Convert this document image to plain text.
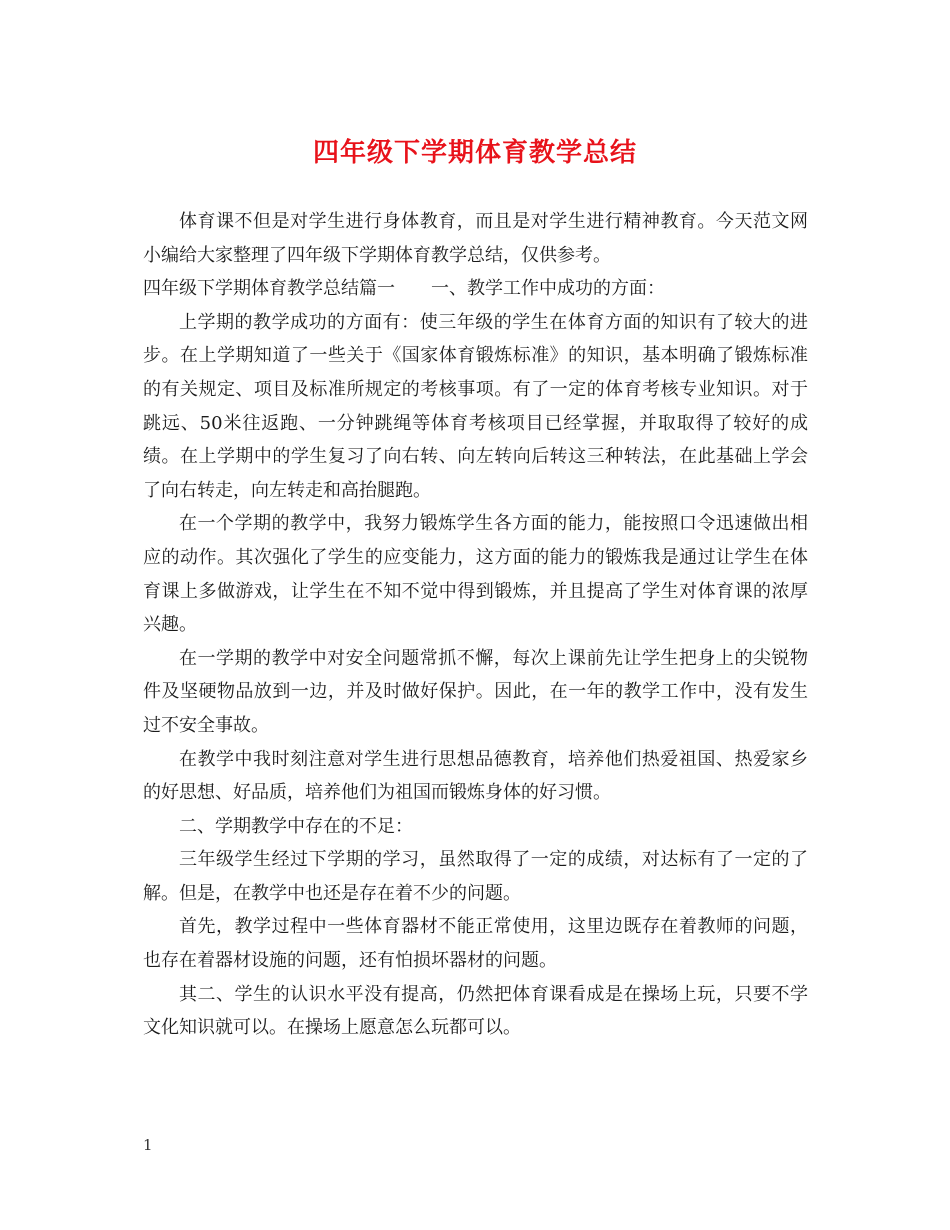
四年级下学期体育教学总结

体育课不但是对学生进行身体教育，而且是对学生进行精神教育。今天范文网小编给大家整理了四年级下学期体育教学总结，仅供参考。

四年级下学期体育教学总结篇一　　一、教学工作中成功的方面：

上学期的教学成功的方面有：使三年级的学生在体育方面的知识有了较大的进步。在上学期知道了一些关于《国家体育锻炼标准》的知识，基本明确了锻炼标准的有关规定、项目及标准所规定的考核事项。有了一定的体育考核专业知识。对于跳远、50米往返跑、一分钟跳绳等体育考核项目已经掌握，并取取得了较好的成绩。在上学期中的学生复习了向右转、向左转向后转这三种转法，在此基础上学会了向右转走，向左转走和高抬腿跑。

在一个学期的教学中，我努力锻炼学生各方面的能力，能按照口令迅速做出相应的动作。其次强化了学生的应变能力，这方面的能力的锻炼我是通过让学生在体育课上多做游戏，让学生在不知不觉中得到锻炼，并且提高了学生对体育课的浓厚兴趣。

在一学期的教学中对安全问题常抓不懈，每次上课前先让学生把身上的尖锐物件及坚硬物品放到一边，并及时做好保护。因此，在一年的教学工作中，没有发生过不安全事故。

在教学中我时刻注意对学生进行思想品德教育，培养他们热爱祖国、热爱家乡的好思想、好品质，培养他们为祖国而锻炼身体的好习惯。

二、学期教学中存在的不足：

三年级学生经过下学期的学习，虽然取得了一定的成绩，对达标有了一定的了解。但是，在教学中也还是存在着不少的问题。

首先，教学过程中一些体育器材不能正常使用，这里边既存在着教师的问题，也存在着器材设施的问题，还有怕损坏器材的问题。

其二、学生的认识水平没有提高，仍然把体育课看成是在操场上玩，只要不学文化知识就可以。在操场上愿意怎么玩都可以。

1
